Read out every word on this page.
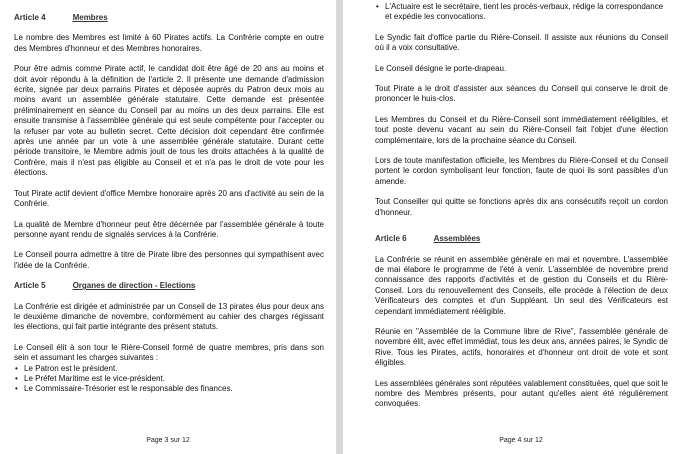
Article 4	Membres

Le nombre des Membres est limité à 60 Pirates actifs. La Confrérie compte en outre des Membres d'honneur et des Membres honoraires.

Pour être admis comme Pirate actif, le candidat doit être âgé de 20 ans au moins et doit avoir répondu à la définition de l'article 2. Il présente une demande d'admission écrite, signée par deux parrains Pirates et déposée auprès du Patron deux mois au moins avant un assemblée générale statutaire. Cette demande est présentée préliminairement en séance du Conseil par au moins un des deux parrains. Elle est ensuite transmise à l'assemblée générale qui est seule compétente pour l'accepter ou la refuser par vote au bulletin secret. Cette décision doit cependant être confirmée après une année par un vote à une assemblée générale statutaire. Durant cette période transitoire, le Membre admis jouit de tous les droits attachées à la qualité de Confrère, mais il n'est pas éligible au Conseil et et n'a pas le droit de vote pour les élections.

Tout Pirate actif devient d'office Membre honoraire après 20 ans d'activité au sein de la Confrérie.

La qualité de Membre d'honneur peut être décernée par l'assemblée générale à toute personne ayant rendu de signalés services à la Confrérie.

Le Conseil pourra admettre à titre de Pirate libre des personnes qui sympathisent avec l'idée de la Confrérie.

Article 5	Organes de direction - Elections

La Confrérie est dirigée et administrée par un Conseil de 13 pirates élus pour deux ans le deuxième dimanche de novembre, conformément au cahier des charges régissant les élections, qui fait partie intégrante des présent statuts.

Le Conseil élit à son tour le Rière-Conseil formé de quatre membres, pris dans son sein et assumant les charges suivantes :

• Le Patron est le président.
• Le Préfet Maritime est le vice-président.
• Le Commissaire-Trésorier est le responsable des finances.
Page 3 sur 12
• L'Actuaire est le secrétaire, tient les procès-verbaux, rédige la correspondance et expédie les convocations.

Le Syndic fait d'office partie du Rière-Conseil. Il assiste aux réunions du Conseil où il a voix consultative.

Le Conseil désigne le porte-drapeau.

Tout Pirate a le droit d'assister aux séances du Conseil qui conserve le droit de prononcer le huis-clos.

Les Membres du Conseil et du Rière-Conseil sont immédiatement rééligibles, et tout poste devenu vacant au sein du Rière-Conseil fait l'objet d'une élection complémentaire, lors de la prochaine séance du Conseil.

Lors de toute manifestation officielle, les Membres du Rière-Conseil et du Conseil portent le cordon symbolisant leur fonction, faute de quoi ils sont passibles d'un amende.

Tout Conseiller qui quitte se fonctions après dix ans consécutifs reçoit un cordon d'honneur.

Article 6	Assemblées

La Confrérie se réunit en assemblée générale en mai et novembre. L'assemblée de mai élabore le programme de l'été à venir. L'assemblée de novembre prend connaissance des rapports d'activités et de gestion du Conseils et du Rière-Conseil. Lors du renouvellement des Conseils, elle procède à l'élection de deux Vérificateurs des comptes et d'un Suppléant. Un seul des Vérificateurs est cependant immédiatement rééligible.

Réunie en "Assemblée de la Commune libre de Rive", l'assemblée générale de novembre élit, avec effet immédiat, tous les deux ans, années paires, le Syndic de Rive. Tous les Pirates, actifs, honoraires et d'honneur ont droit de vote et sont éligibles.

Les assemblées générales sont réputées valablement constituées, quel que soit le nombre des Membres présents, pour autant qu'elles aient été régulièrement convoquées.

Page 4 sur 12
